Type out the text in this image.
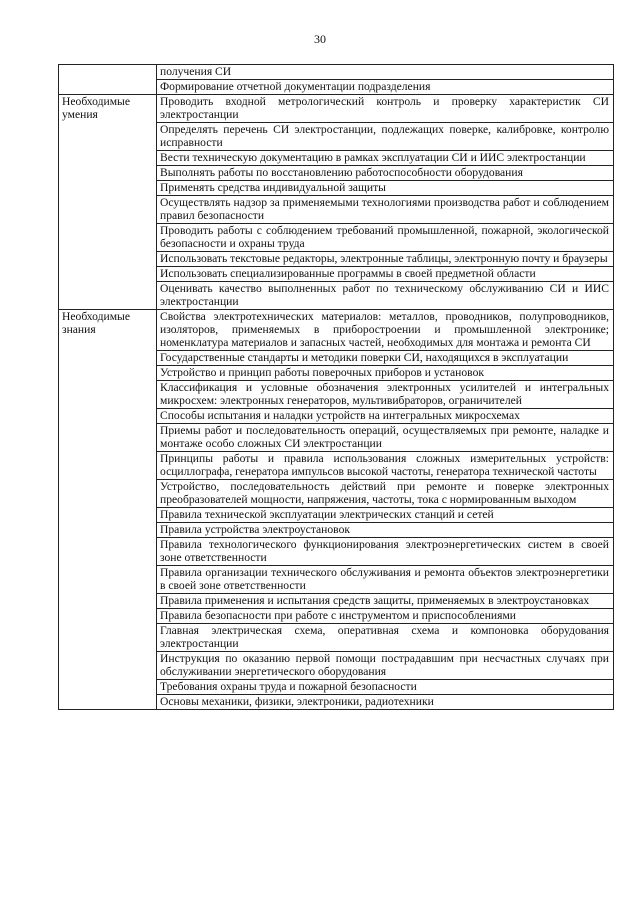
30
	получения СИ
	Формирование отчетной документации подразделения
Необходимые умения	Проводить входной метрологический контроль и проверку характеристик СИ электростанции
	Определять перечень СИ электростанции, подлежащих поверке, калибровке, контролю исправности
	Вести техническую документацию в рамках эксплуатации СИ и ИИС электростанции
	Выполнять работы по восстановлению работоспособности оборудования
	Применять средства индивидуальной защиты
	Осуществлять надзор за применяемыми технологиями производства работ и соблюдением правил безопасности
	Проводить работы с соблюдением требований промышленной, пожарной, экологической безопасности и охраны труда
	Использовать текстовые редакторы, электронные таблицы, электронную почту и браузеры
	Использовать специализированные программы в своей предметной области
	Оценивать качество выполненных работ по техническому обслуживанию СИ и ИИС электростанции
Необходимые знания	Свойства электротехнических материалов: металлов, проводников, полупроводников, изоляторов, применяемых в приборостроении и промышленной электронике; номенклатура материалов и запасных частей, необходимых для монтажа и ремонта СИ
	Государственные стандарты и методики поверки СИ, находящихся в эксплуатации
	Устройство и принцип работы поверочных приборов и установок
	Классификация и условные обозначения электронных усилителей и интегральных микросхем: электронных генераторов, мультивибраторов, ограничителей
	Способы испытания и наладки устройств на интегральных микросхемах
	Приемы работ и последовательность операций, осуществляемых при ремонте, наладке и монтаже особо сложных СИ электростанции
	Принципы работы и правила использования сложных измерительных устройств: осциллографа, генератора импульсов высокой частоты, генератора технической частоты
	Устройство, последовательность действий при ремонте и поверке электронных преобразователей мощности, напряжения, частоты, тока с нормированным выходом
	Правила технической эксплуатации электрических станций и сетей
	Правила устройства электроустановок
	Правила технологического функционирования электроэнергетических систем в своей зоне ответственности
	Правила организации технического обслуживания и ремонта объектов электроэнергетики в своей зоне ответственности
	Правила применения и испытания средств защиты, применяемых в электроустановках
	Правила безопасности при работе с инструментом и приспособлениями
	Главная электрическая схема, оперативная схема и компоновка оборудования электростанции
	Инструкция по оказанию первой помощи пострадавшим при несчастных случаях при обслуживании энергетического оборудования
	Требования охраны труда и пожарной безопасности
	Основы механики, физики, электроники, радиотехники
